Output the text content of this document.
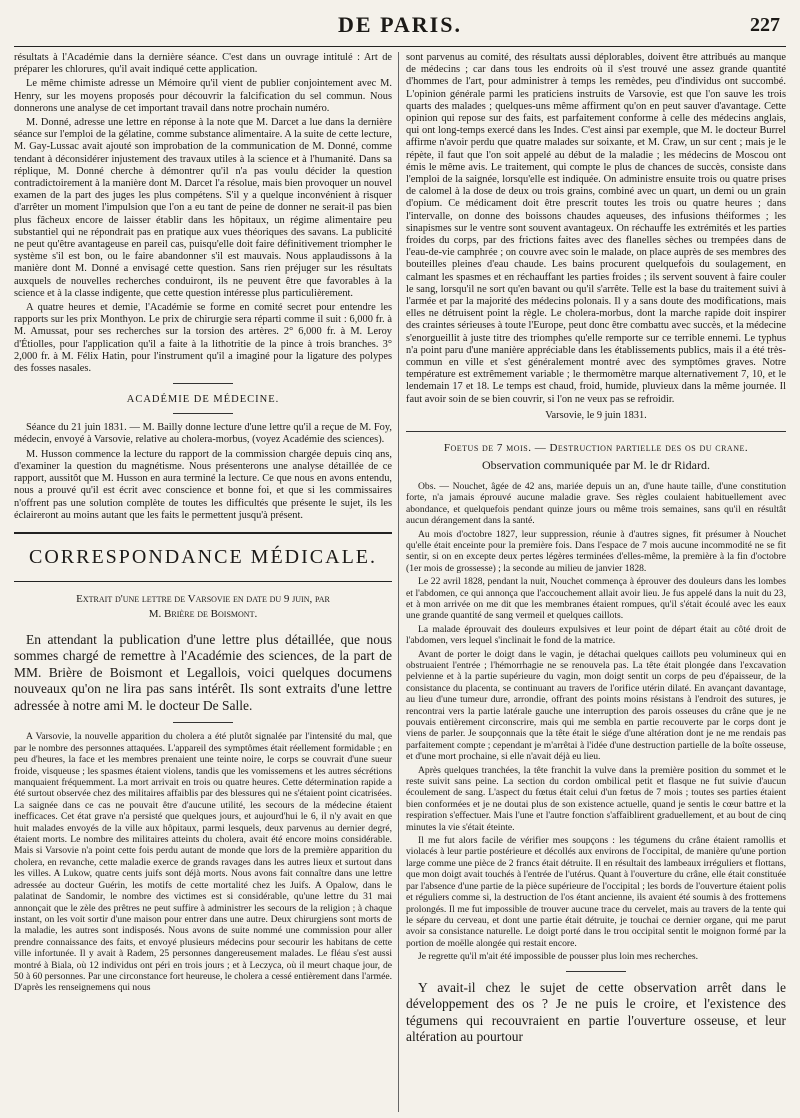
DE PARIS.	227

résultats à l'Académie dans la dernière séance. C'est dans un ouvrage intitulé : Art de préparer les chlorures, qu'il avait indiqué cette application.

Le même chimiste adresse un Mémoire qu'il vient de publier conjointement avec M. Henry, sur les moyens proposés pour découvrir la falcification du sel commun. Nous donnerons une analyse de cet important travail dans notre prochain numéro.

M. Donné, adresse une lettre en réponse à la note que M. Darcet a lue dans la dernière séance sur l'emploi de la gélatine, comme substance alimentaire. A la suite de cette lecture, M. Gay-Lussac avait ajouté son improbation de la communication de M. Donné, comme tendant à déconsidérer injustement des travaux utiles à la science et à l'humanité. Dans sa réplique, M. Donné cherche à démontrer qu'il n'a pas voulu décider la question contradictoirement à la manière dont M. Darcet l'a résolue, mais bien provoquer un nouvel examen de la part des juges les plus compétens. S'il y a quelque inconvénient à risquer d'arrêter un moment l'impulsion que l'on a eu tant de peine de donner ne serait-il pas bien plus fâcheux encore de laisser établir dans les hôpitaux, un régime alimentaire peu substantiel qui ne répondrait pas en pratique aux vues théoriques des savans. La publicité ne peut qu'être avantageuse en pareil cas, puisqu'elle doit faire définitivement triompher le système s'il est bon, ou le faire abandonner s'il est mauvais. Nous applaudissons à la manière dont M. Donné a envisagé cette question. Sans rien préjuger sur les résultats auxquels de nouvelles recherches conduiront, ils ne peuvent être que favorables à la science et à la classe indigente, que cette question intéresse plus particulièrement.

A quatre heures et demie, l'Académie se forme en comité secret pour entendre les rapports sur les prix Monthyon. Le prix de chirurgie sera réparti comme il suit : 6,000 fr. à M. Amussat, pour ses recherches sur la torsion des artères. 2° 6,000 fr. à M. Leroy d'Étiolles, pour l'application qu'il a faite à la lithotritie de la pince à trois branches. 3° 2,000 fr. à M. Félix Hatin, pour l'instrument qu'il a imaginé pour la ligature des polypes des fosses nasales.

ACADÉMIE DE MÉDECINE.

Séance du 21 juin 1831. — M. Bailly donne lecture d'une lettre qu'il a reçue de M. Foy, médecin, envoyé à Varsovie, relative au cholera-morbus, (voyez Académie des sciences).

M. Husson commence la lecture du rapport de la commission chargée depuis cinq ans, d'examiner la question du magnétisme. Nous présenterons une analyse détaillée de ce rapport, aussitôt que M. Husson en aura terminé la lecture. Ce que nous en avons entendu, nous a prouvé qu'il est écrit avec conscience et bonne foi, et que si les commissaires n'offrent pas une solution complète de toutes les difficultés que présente le sujet, ils les éclaireront au moins autant que les faits le permettent jusqu'à présent.

CORRESPONDANCE MÉDICALE.
Extrait d'une lettre de Varsovie en date du 9 juin, par
M. Brière de Boismont.

En attendant la publication d'une lettre plus détaillée, que nous sommes chargé de remettre à l'Académie des sciences, de la part de MM. Brière de Boismont et Legallois, voici quelques documens nouveaux qu'on ne lira pas sans intérêt. Ils sont extraits d'une lettre adressée à notre ami M. le docteur De Salle.

A Varsovie, la nouvelle apparition du cholera a été plutôt signalée par l'intensité du mal, que par le nombre des personnes attaquées. L'appareil des symptômes était réellement formidable ; en peu d'heures, la face et les membres prenaient une teinte noire, le corps se couvrait d'une sueur froide, visqueuse ; les spasmes étaient violens, tandis que les vomissemens et les autres sécrétions manquaient fréquemment. La mort arrivait en trois ou quatre heures. Cette détermination rapide a été surtout observée chez des militaires affaiblis par des blessures qui ne s'étaient point cicatrisées. La saignée dans ce cas ne pouvait être d'aucune utilité, les secours de la médecine étaient inefficaces. Cet état grave n'a persisté que quelques jours, et aujourd'hui le 6, il n'y avait en que huit malades envoyés de la ville aux hôpitaux, parmi lesquels, deux parvenus au dernier degré, étaient morts. Le nombre des militaires atteints du cholera, avait été encore moins considérable. Mais si Varsovie n'a point cette fois perdu autant de monde que lors de la première apparition du cholera, en revanche, cette maladie exerce de grands ravages dans les autres lieux et surtout dans les villes. A Lukow, quatre cents juifs sont déjà morts. Nous avons fait connaître dans une lettre adressée au docteur Guérin, les motifs de cette mortalité chez les Juifs. A Opalow, dans le palatinat de Sandomir, le nombre des victimes est si considérable, qu'une lettre du 31 mai annonçait que le zèle des prêtres ne peut suffire à administrer les secours de la religion ; à chaque instant, on les voit sortir d'une maison pour entrer dans une autre. Deux chirurgiens sont morts de la maladie, les autres sont indisposés. Nous avons de suite nommé une commission pour aller prendre connaissance des faits, et envoyé plusieurs médecins pour secourir les habitans de cette ville infortunée. Il y avait à Radem, 25 personnes dangereusement malades. Le fléau s'est aussi montré à Biala, où 12 individus ont péri en trois jours ; et à Leczyca, où il meurt chaque jour, de 50 à 60 personnes. Par une circonstance fort heureuse, le cholera a cessé entièrement dans l'armée. D'après les renseignemens qui nous

sont parvenus au comité, des résultats aussi déplorables, doivent être attribués au manque de médecins ; car dans tous les endroits où il s'est trouvé une assez grande quantité d'hommes de l'art, pour administrer à temps les remèdes, peu d'individus ont succombé. L'opinion générale parmi les praticiens instruits de Varsovie, est que l'on sauve les trois quarts des malades ; quelques-uns même affirment qu'on en peut sauver d'avantage. Cette opinion qui repose sur des faits, est parfaitement conforme à celle des médecins anglais, qui ont long-temps exercé dans les Indes. C'est ainsi par exemple, que M. le docteur Burrel affirme n'avoir perdu que quatre malades sur soixante, et M. Craw, un sur cent ; mais je le répète, il faut que l'on soit appelé au début de la maladie ; les médecins de Moscou ont émis le même avis. Le traitement, qui compte le plus de chances de succès, consiste dans l'emploi de la saignée, lorsqu'elle est indiquée. On administre ensuite trois ou quatre prises de calomel à la dose de deux ou trois grains, combiné avec un quart, un demi ou un grain d'opium. Ce médicament doit être prescrit toutes les trois ou quatre heures ; dans l'intervalle, on donne des boissons chaudes aqueuses, des infusions théiformes ; les sinapismes sur le ventre sont souvent avantageux. On réchauffe les extrémités et les parties froides du corps, par des frictions faites avec des flanelles sèches ou trempées dans de l'eau-de-vie camphrée ; on couvre avec soin le malade, on place auprès de ses membres des bouteilles pleines d'eau chaude. Les bains procurent quelquefois du soulagement, en calmant les spasmes et en réchauffant les parties froides ; ils servent souvent à faire couler le sang, lorsqu'il ne sort qu'en bavant ou qu'il s'arrête. Telle est la base du traitement suivi à l'armée et par la majorité des médecins polonais. Il y a sans doute des modifications, mais elles ne détruisent point la règle. Le cholera-morbus, dont la marche rapide doit inspirer des craintes sérieuses à toute l'Europe, peut donc être combattu avec succès, et la médecine s'enorgueillit à juste titre des triomphes qu'elle remporte sur ce terrible ennemi. Le typhus n'a point paru d'une manière appréciable dans les établissements publics, mais il a été très-commun en ville et s'est généralement montré avec des symptômes graves. Notre température est extrêmement variable ; le thermomètre marque alternativement 7, 10, et le lendemain 17 et 18. Le temps est chaud, froid, humide, pluvieux dans la même journée. Il faut avoir soin de se bien couvrir, si l'on ne veux pas se refroidir.

Varsovie, le 9 juin 1831.
Foetus de 7 mois. — Destruction partielle des os du crane.
Observation communiquée par M. le dr Ridard.

Obs. — Nouchet, âgée de 42 ans, mariée depuis un an, d'une haute taille, d'une constitution forte, n'a jamais éprouvé aucune maladie grave. Ses règles coulaient habituellement avec abondance, et quelquefois pendant quinze jours ou même trois semaines, sans qu'il en résultât aucun dérangement dans la santé.

Au mois d'octobre 1827, leur suppression, réunie à d'autres signes, fit présumer à Nouchet qu'elle était enceinte pour la première fois. Dans l'espace de 7 mois aucune incommodité ne se fit sentir, si on en excepte deux pertes légères terminées d'elles-même, la première à la fin d'octobre (1er mois de grossesse) ; la seconde au milieu de janvier 1828.

Le 22 avril 1828, pendant la nuit, Nouchet commença à éprouver des douleurs dans les lombes et l'abdomen, ce qui annonça que l'accouchement allait avoir lieu. Je fus appelé dans la nuit du 23, et à mon arrivée on me dit que les membranes étaient rompues, qu'il s'était écoulé avec les eaux une grande quantité de sang vermeil et quelques caillots.

La malade éprouvait des douleurs expulsives et leur point de départ était au côté droit de l'abdomen, vers lequel s'inclinait le fond de la matrice.

Avant de porter le doigt dans le vagin, je détachai quelques caillots peu volumineux qui en obstruaient l'entrée ; l'hémorrhagie ne se renouvela pas. La tête était plongée dans l'excavation pelvienne et à la partie supérieure du vagin, mon doigt sentit un corps de peu d'épaisseur, de la consistance du placenta, se continuant au travers de l'orifice utérin dilaté. En avançant davantage, au lieu d'une tumeur dure, arrondie, offrant des points moins résistans à l'endroit des sutures, je rencontrai vers la partie latérale gauche une interruption des parois osseuses du crâne que je ne pouvais entièrement circonscrire, mais qui me sembla en partie recouverte par le corps dont je viens de parler. Je soupçonnais que la tête était le siége d'une altération dont je ne me rendais pas parfaitement compte ; cependant je m'arrêtai à l'idée d'une destruction partielle de la boîte osseuse, et d'une mort prochaine, si elle n'avait déjà eu lieu.

Après quelques tranchées, la tête franchit la vulve dans la première position du sommet et le reste suivit sans peine. La section du cordon ombilical petit et flasque ne fut suivie d'aucun écoulement de sang. L'aspect du fœtus était celui d'un fœtus de 7 mois ; toutes ses parties étaient bien conformées et je ne doutai plus de son existence actuelle, quand je sentis le cœur battre et la respiration s'effectuer. Mais l'une et l'autre fonction s'affaiblirent graduellement, et au bout de cinq minutes la vie s'était éteinte.

Il me fut alors facile de vérifier mes soupçons : les tégumens du crâne étaient ramollis et violacés à leur partie postérieure et décollés aux environs de l'occipital, de manière qu'une portion large comme une pièce de 2 francs était détruite. Il en résultait des lambeaux irréguliers et flottans, que mon doigt avait touchés à l'entrée de l'utérus. Quant à l'ouverture du crâne, elle était constituée par l'absence d'une partie de la pièce supérieure de l'occipital ; les bords de l'ouverture étaient polis et réguliers comme si, la destruction de l'os étant ancienne, ils avaient été soumis à des frottemens prolongés. Il me fut impossible de trouver aucune trace du cervelet, mais au travers de la tente qui le sépare du cerveau, et dont une partie était détruite, je touchai ce dernier organe, qui me parut avoir sa consistance naturelle. Le doigt porté dans le trou occipital sentit le moignon formé par la portion de moëlle alongée qui restait encore.

Je regrette qu'il m'ait été impossible de pousser plus loin mes recherches.

Y avait-il chez le sujet de cette observation arrêt dans le développement des os ? Je ne puis le croire, et l'existence des tégumens qui recouvraient en partie l'ouverture osseuse, et leur altération au pourtour
